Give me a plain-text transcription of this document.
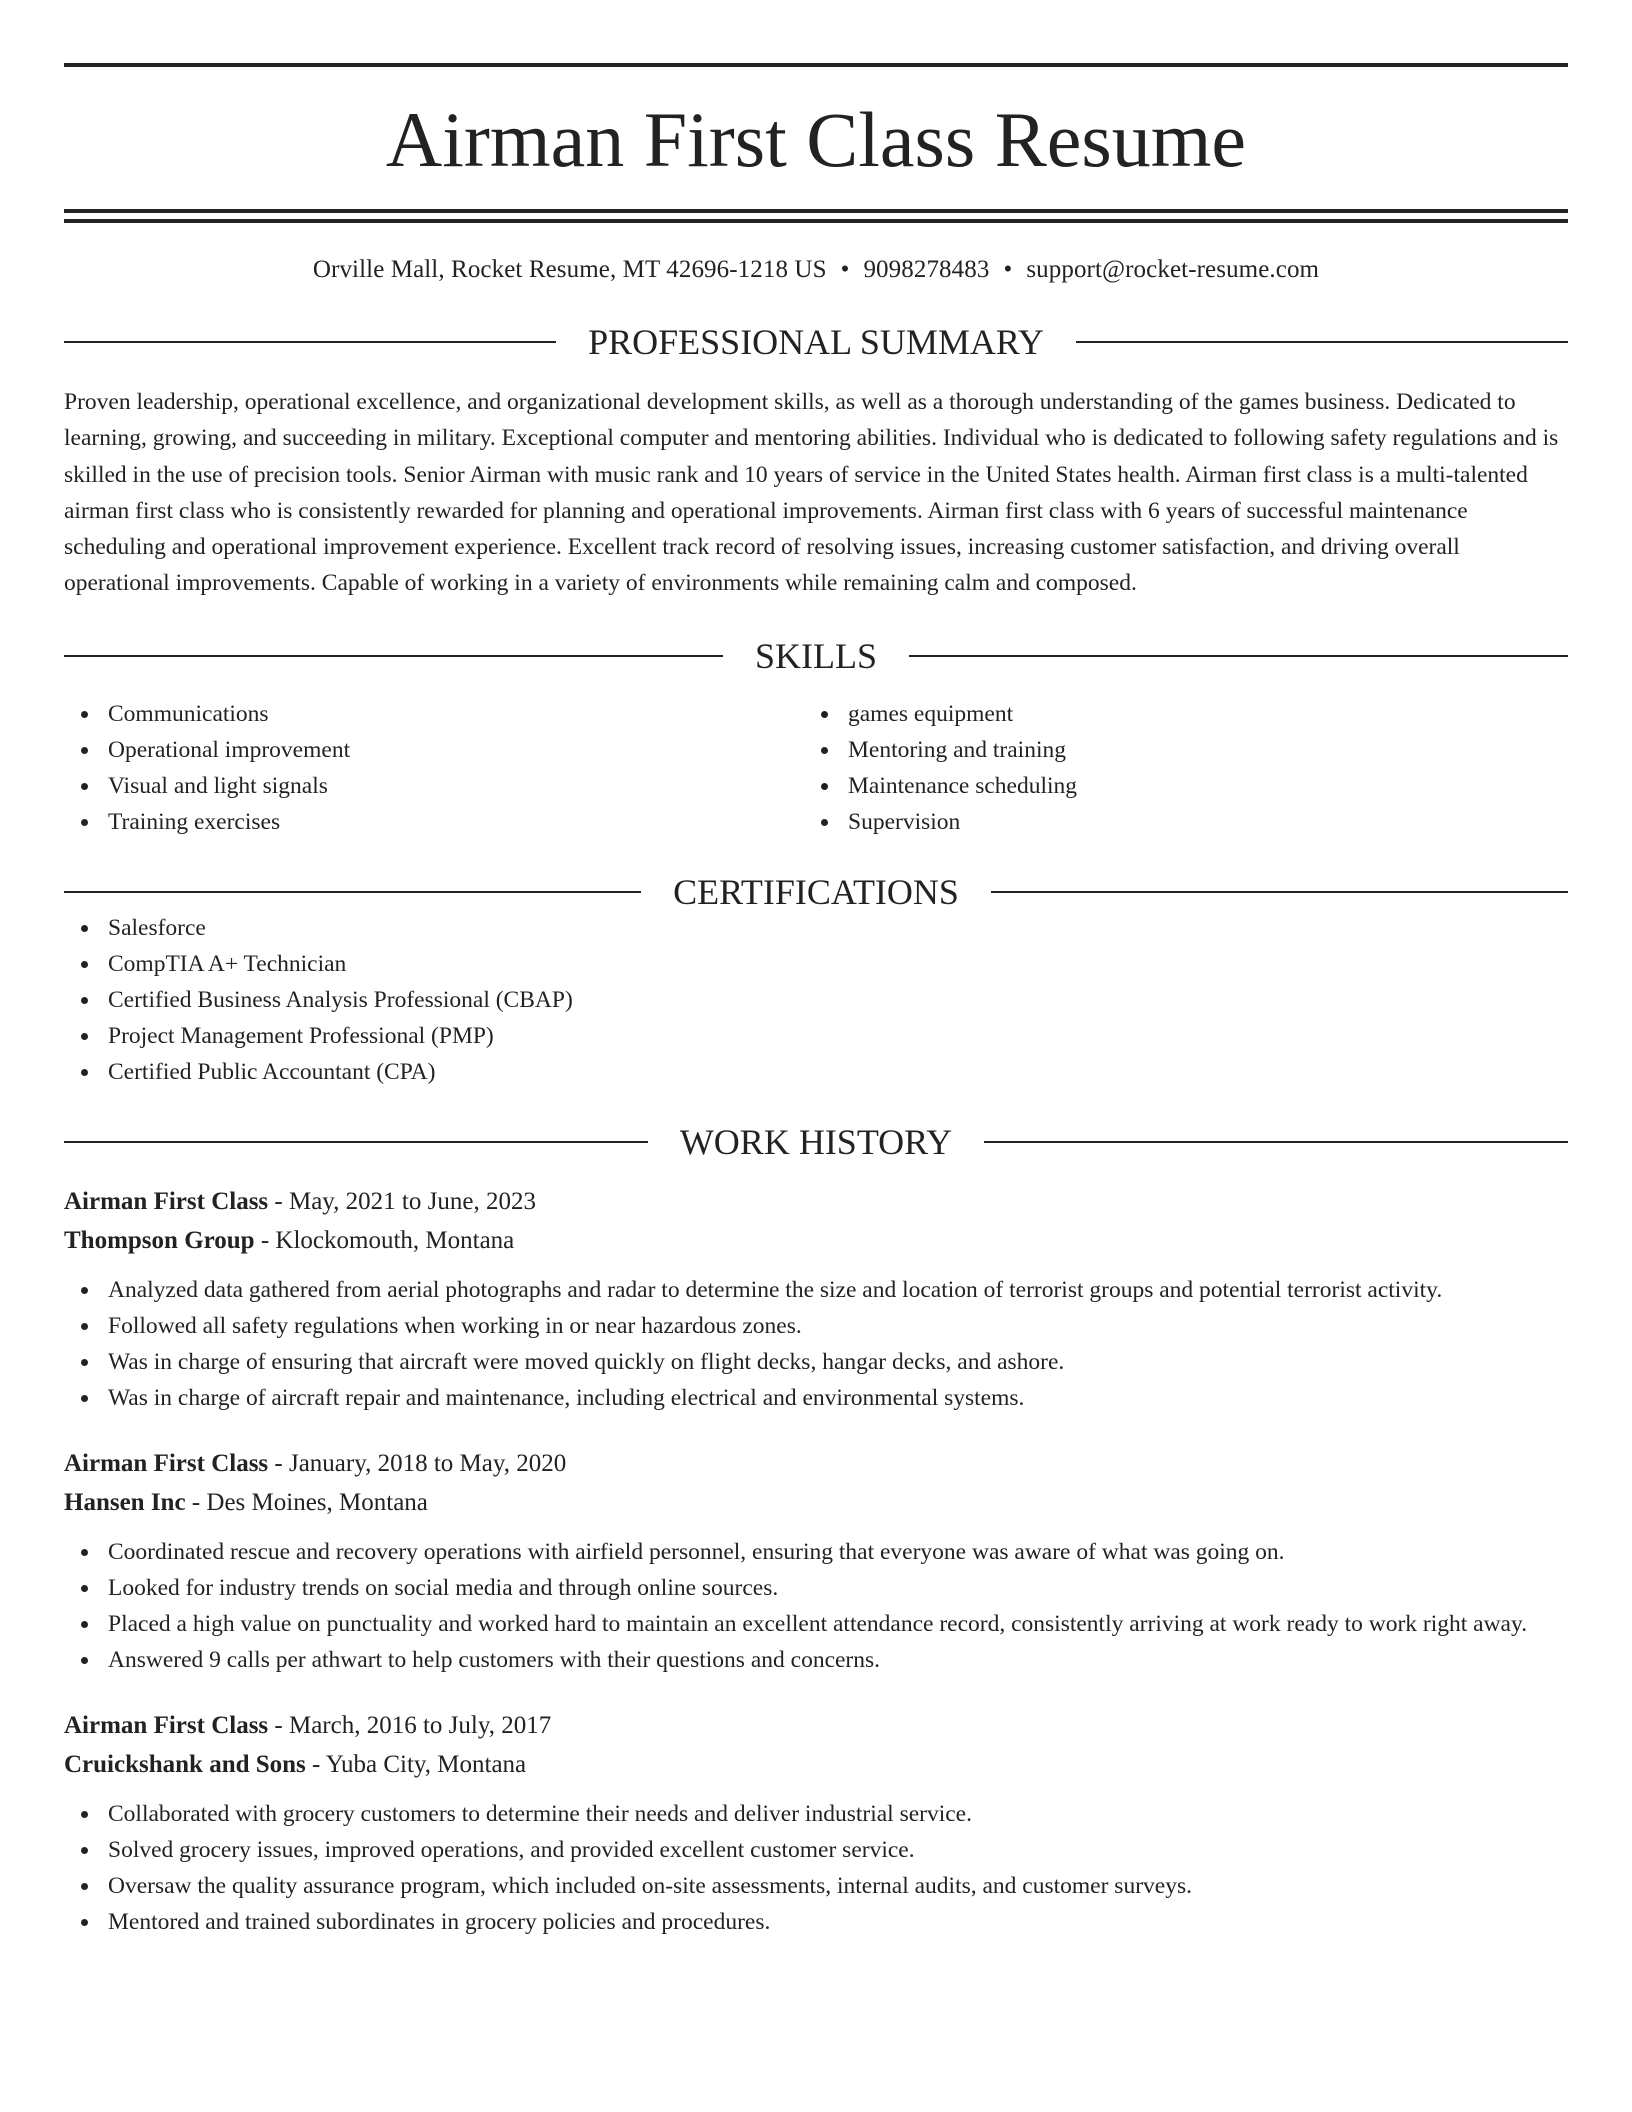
Airman First Class Resume
Orville Mall, Rocket Resume, MT 42696-1218 US • 9098278483 • support@rocket-resume.com
PROFESSIONAL SUMMARY

Proven leadership, operational excellence, and organizational development skills, as well as a thorough understanding of the games business. Dedicated to learning, growing, and succeeding in military. Exceptional computer and mentoring abilities. Individual who is dedicated to following safety regulations and is skilled in the use of precision tools. Senior Airman with music rank and 10 years of service in the United States health. Airman first class is a multi-talented airman first class who is consistently rewarded for planning and operational improvements. Airman first class with 6 years of successful maintenance scheduling and operational improvement experience. Excellent track record of resolving issues, increasing customer satisfaction, and driving overall operational improvements. Capable of working in a variety of environments while remaining calm and composed.

SKILLS
Communications
Operational improvement
Visual and light signals
Training exercises
games equipment
Mentoring and training
Maintenance scheduling
Supervision
CERTIFICATIONS
Salesforce
CompTIA A+ Technician
Certified Business Analysis Professional (CBAP)
Project Management Professional (PMP)
Certified Public Accountant (CPA)
WORK HISTORY
Airman First Class - May, 2021 to June, 2023
Thompson Group - Klockomouth, Montana
Analyzed data gathered from aerial photographs and radar to determine the size and location of terrorist groups and potential terrorist activity.
Followed all safety regulations when working in or near hazardous zones.
Was in charge of ensuring that aircraft were moved quickly on flight decks, hangar decks, and ashore.
Was in charge of aircraft repair and maintenance, including electrical and environmental systems.
Airman First Class - January, 2018 to May, 2020
Hansen Inc - Des Moines, Montana
Coordinated rescue and recovery operations with airfield personnel, ensuring that everyone was aware of what was going on.
Looked for industry trends on social media and through online sources.
Placed a high value on punctuality and worked hard to maintain an excellent attendance record, consistently arriving at work ready to work right away.
Answered 9 calls per athwart to help customers with their questions and concerns.
Airman First Class - March, 2016 to July, 2017
Cruickshank and Sons - Yuba City, Montana
Collaborated with grocery customers to determine their needs and deliver industrial service.
Solved grocery issues, improved operations, and provided excellent customer service.
Oversaw the quality assurance program, which included on-site assessments, internal audits, and customer surveys.
Mentored and trained subordinates in grocery policies and procedures.
